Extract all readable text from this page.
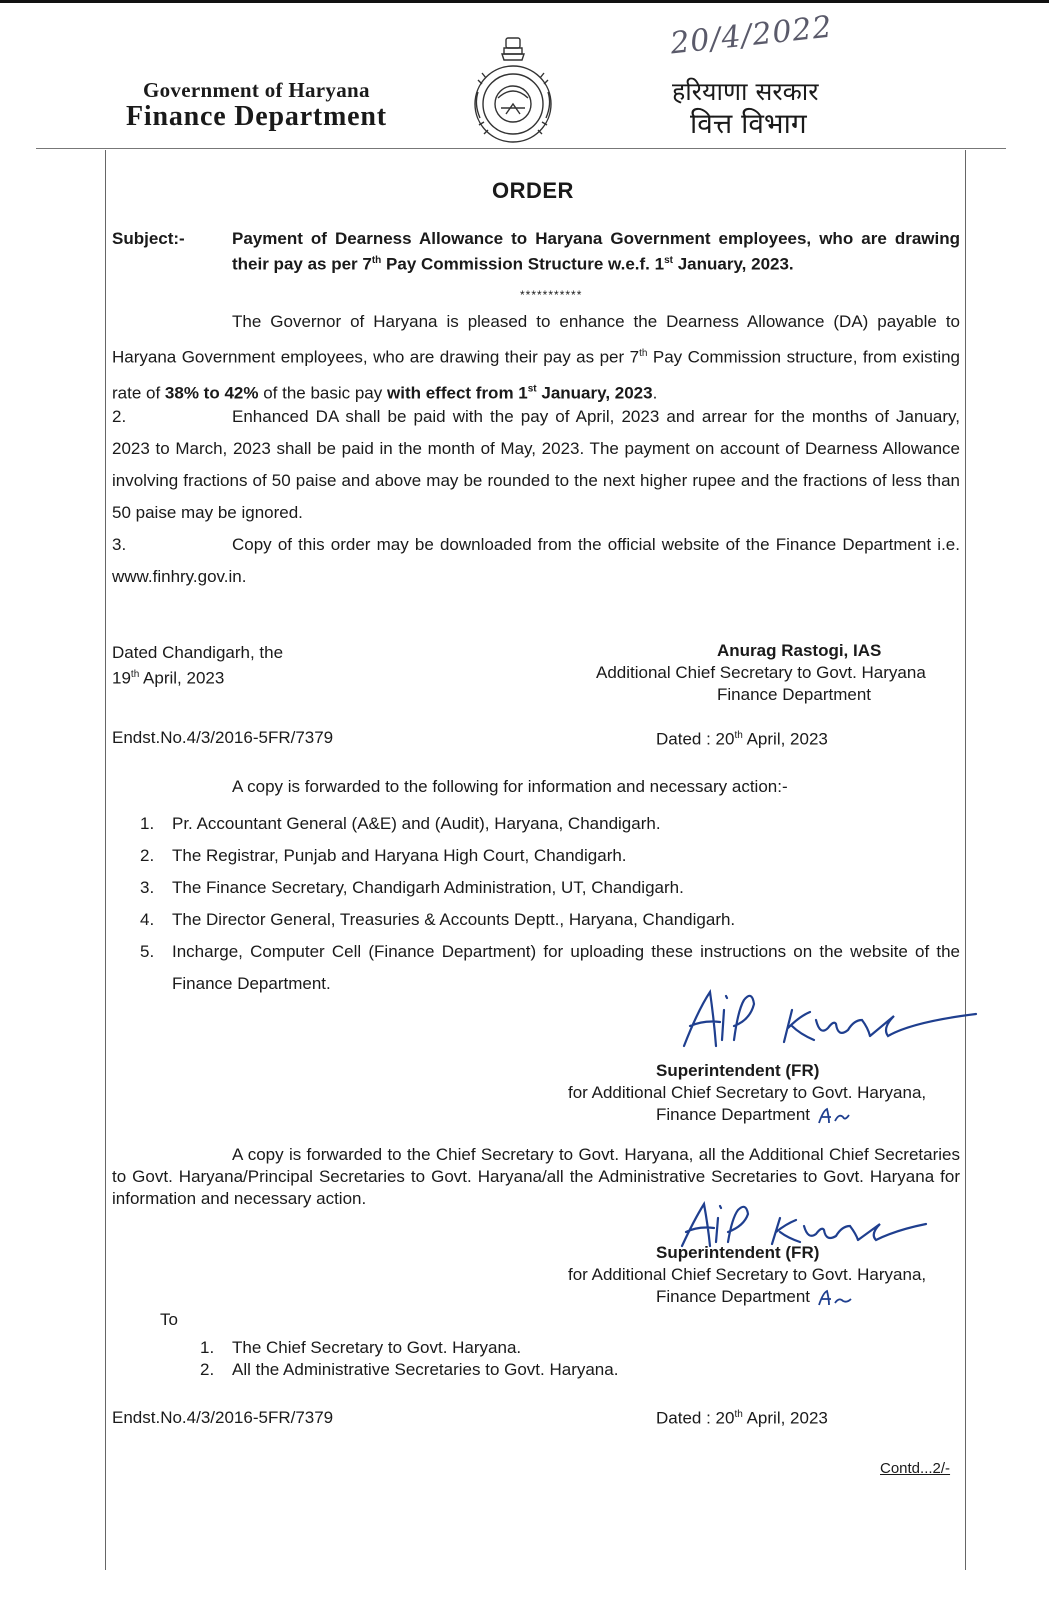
Government of Haryana
Finance Department
हरियाणा सरकार
वित्त विभाग
20/4/2022
ORDER
Subject:-	Payment of Dearness Allowance to Haryana Government employees, who are drawing their pay as per 7th Pay Commission Structure w.e.f. 1st January, 2023.
***********
The Governor of Haryana is pleased to enhance the Dearness Allowance (DA) payable to Haryana Government employees, who are drawing their pay as per 7th Pay Commission structure, from existing rate of 38% to 42% of the basic pay with effect from 1st January, 2023.
2.	Enhanced DA shall be paid with the pay of April, 2023 and arrear for the months of January, 2023 to March, 2023 shall be paid in the month of May, 2023. The payment on account of Dearness Allowance involving fractions of 50 paise and above may be rounded to the next higher rupee and the fractions of less than 50 paise may be ignored.
3.	Copy of this order may be downloaded from the official website of the Finance Department i.e. www.finhry.gov.in.
Dated Chandigarh, the
19th April, 2023
Anurag Rastogi, IAS
Additional Chief Secretary to Govt. Haryana
Finance Department
Endst.No.4/3/2016-5FR/7379	Dated : 20th April, 2023
A copy is forwarded to the following for information and necessary action:-
1.	Pr. Accountant General (A&E) and (Audit), Haryana, Chandigarh.
2.	The Registrar, Punjab and Haryana High Court, Chandigarh.
3.	The Finance Secretary, Chandigarh Administration, UT, Chandigarh.
4.	The Director General, Treasuries & Accounts Deptt., Haryana, Chandigarh.
5.	Incharge, Computer Cell (Finance Department) for uploading these instructions on the website of the Finance Department.
Superintendent (FR)
for Additional Chief Secretary to Govt. Haryana,
Finance Department
A copy is forwarded to the Chief Secretary to Govt. Haryana, all the Additional Chief Secretaries to Govt. Haryana/Principal Secretaries to Govt. Haryana/all the Administrative Secretaries to Govt. Haryana for information and necessary action.
Superintendent (FR)
for Additional Chief Secretary to Govt. Haryana,
Finance Department
To
1.	The Chief Secretary to Govt. Haryana.
2.	All the Administrative Secretaries to Govt. Haryana.
Endst.No.4/3/2016-5FR/7379	Dated : 20th April, 2023
Contd...2/-
